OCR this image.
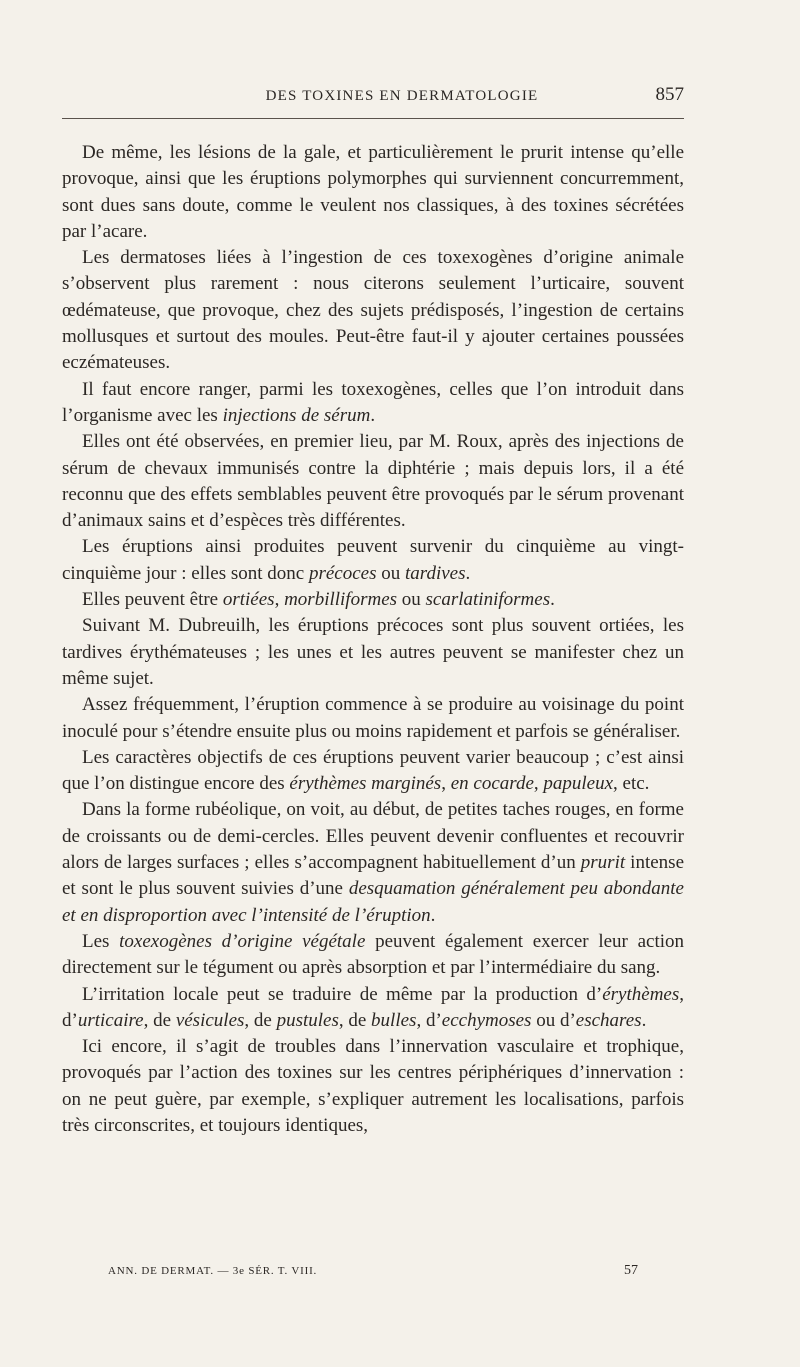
DES TOXINES EN DERMATOLOGIE	857

De même, les lésions de la gale, et particulièrement le prurit intense qu’elle provoque, ainsi que les éruptions polymorphes qui surviennent concurremment, sont dues sans doute, comme le veulent nos classiques, à des toxines sécrétées par l’acare.

Les dermatoses liées à l’ingestion de ces toxexogènes d’origine animale s’observent plus rarement : nous citerons seulement l’urticaire, souvent œdémateuse, que provoque, chez des sujets prédisposés, l’ingestion de certains mollusques et surtout des moules. Peut-être faut-il y ajouter certaines poussées eczémateuses.

Il faut encore ranger, parmi les toxexogènes, celles que l’on introduit dans l’organisme avec les injections de sérum.

Elles ont été observées, en premier lieu, par M. Roux, après des injections de sérum de chevaux immunisés contre la diphtérie ; mais depuis lors, il a été reconnu que des effets semblables peuvent être provoqués par le sérum provenant d’animaux sains et d’espèces très différentes.

Les éruptions ainsi produites peuvent survenir du cinquième au vingt-cinquième jour : elles sont donc précoces ou tardives.

Elles peuvent être ortiées, morbilliformes ou scarlatiniformes.

Suivant M. Dubreuilh, les éruptions précoces sont plus souvent ortiées, les tardives érythémateuses ; les unes et les autres peuvent se manifester chez un même sujet.

Assez fréquemment, l’éruption commence à se produire au voisinage du point inoculé pour s’étendre ensuite plus ou moins rapidement et parfois se généraliser.

Les caractères objectifs de ces éruptions peuvent varier beaucoup ; c’est ainsi que l’on distingue encore des érythèmes marginés, en cocarde, papuleux, etc.

Dans la forme rubéolique, on voit, au début, de petites taches rouges, en forme de croissants ou de demi-cercles. Elles peuvent devenir confluentes et recouvrir alors de larges surfaces ; elles s’accompagnent habituellement d’un prurit intense et sont le plus souvent suivies d’une desquamation généralement peu abondante et en disproportion avec l’intensité de l’éruption.

Les toxexogènes d’origine végétale peuvent également exercer leur action directement sur le tégument ou après absorption et par l’intermédiaire du sang.

L’irritation locale peut se traduire de même par la production d’érythèmes, d’urticaire, de vésicules, de pustules, de bulles, d’ecchymoses ou d’eschares.

Ici encore, il s’agit de troubles dans l’innervation vasculaire et trophique, provoqués par l’action des toxines sur les centres périphériques d’innervation : on ne peut guère, par exemple, s’expliquer autrement les localisations, parfois très circonscrites, et toujours identiques,

ANN. DE DERMAT. — 3e SÉR. T. VIII.	57
